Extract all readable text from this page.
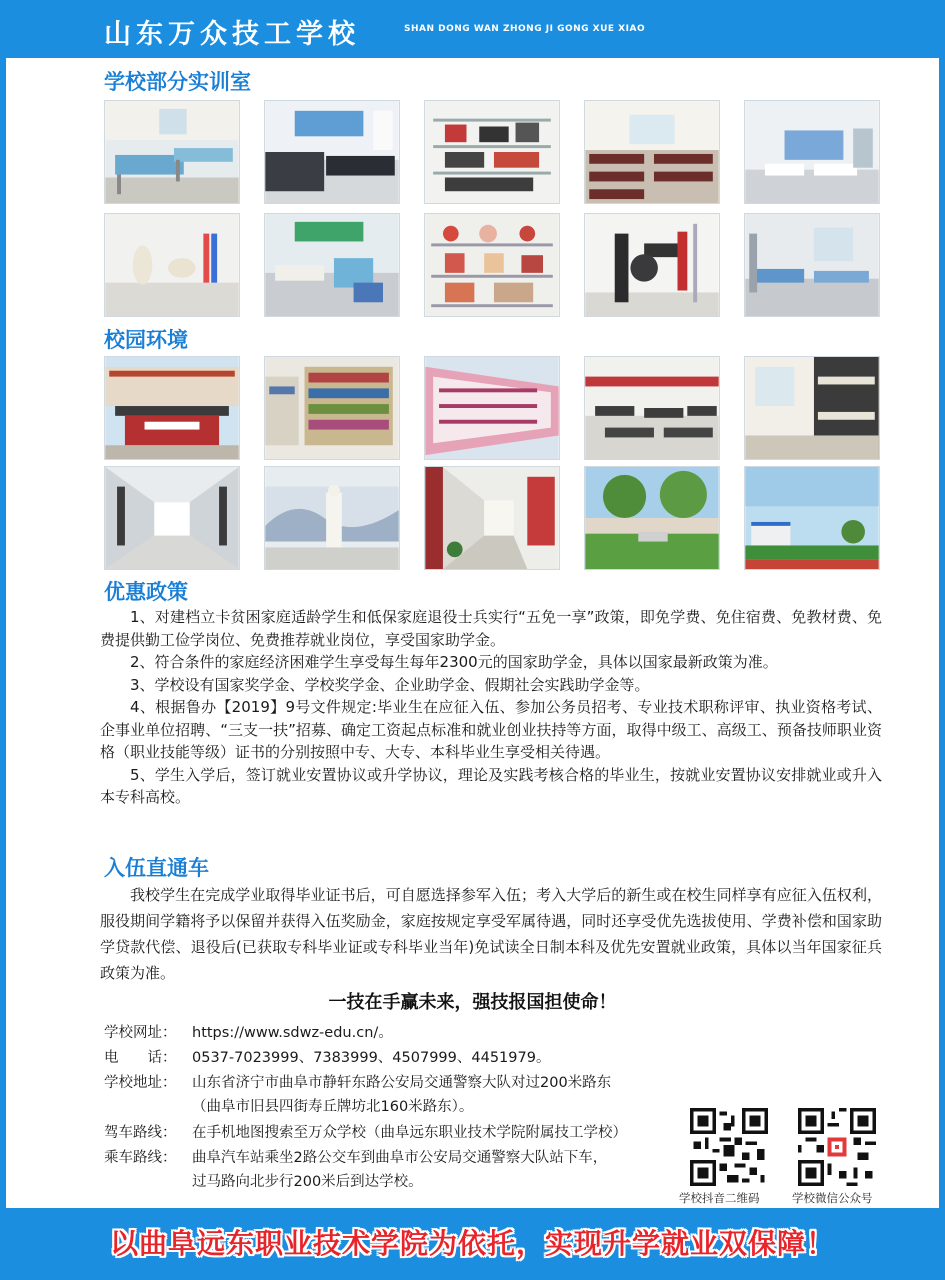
山东万众技工学校	SHAN DONG WAN ZHONG JI GONG XUE XIAO
学校部分实训室
校园环境
优惠政策
入伍直通车

1、对建档立卡贫困家庭适龄学生和低保家庭退役士兵实行“五免一享”政策，即免学费、免住宿费、免教材费、免费提供勤工俭学岗位、免费推荐就业岗位，享受国家助学金。

2、符合条件的家庭经济困难学生享受每生每年2300元的国家助学金，具体以国家最新政策为准。

3、学校设有国家奖学金、学校奖学金、企业助学金、假期社会实践助学金等。

4、根据鲁办【2019】9号文件规定:毕业生在应征入伍、参加公务员招考、专业技术职称评审、执业资格考试、企事业单位招聘、“三支一扶”招募、确定工资起点标准和就业创业扶持等方面，取得中级工、高级工、预备技师职业资格（职业技能等级）证书的分别按照中专、大专、本科毕业生享受相关待遇。

5、学生入学后，签订就业安置协议或升学协议，理论及实践考核合格的毕业生，按就业安置协议安排就业或升入本专科高校。

我校学生在完成学业取得毕业证书后，可自愿选择参军入伍；考入大学后的新生或在校生同样享有应征入伍权利，服役期间学籍将予以保留并获得入伍奖励金，家庭按规定享受军属待遇，同时还享受优先选拔使用、学费补偿和国家助学贷款代偿、退役后(已获取专科毕业证或专科毕业当年)免试读全日制本科及优先安置就业政策，具体以当年国家征兵政策为准。

一技在手赢未来，强技报国担使命！
学校网址： https://www.sdwz-edu.cn/。
电　　话： 0537-7023999、7383999、4507999、4451979。
学校地址： 山东省济宁市曲阜市静轩东路公安局交通警察大队对过200米路东
（曲阜市旧县四街寿丘牌坊北160米路东）。
驾车路线： 在手机地图搜索至万众学校（曲阜远东职业技术学院附属技工学校）
乘车路线： 曲阜汽车站乘坐2路公交车到曲阜市公安局交通警察大队站下车，
过马路向北步行200米后到达学校。
学校抖音二维码	学校微信公众号
以曲阜远东职业技术学院为依托，实现升学就业双保障！
